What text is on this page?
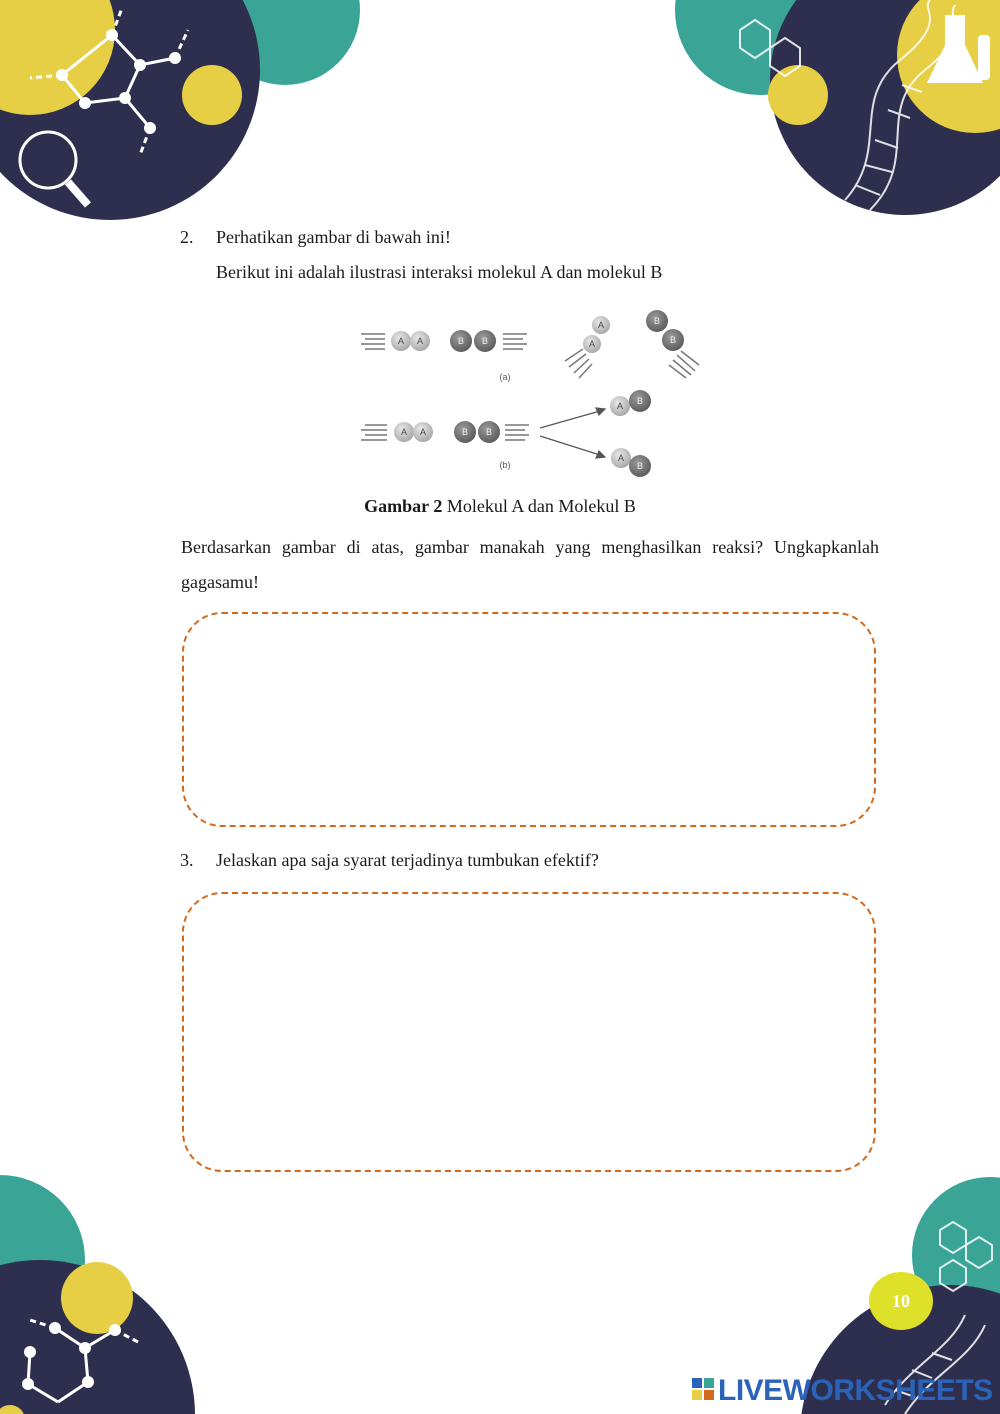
2. Perhatikan gambar di bawah ini!
Berikut ini adalah ilustrasi interaksi molekul A dan molekul B
A A	B B
(a)
A
A
B
B
A A	B B
(b)
A B
A
B
Gambar 2 Molekul A dan Molekul B
Berdasarkan gambar di atas, gambar manakah yang menghasilkan reaksi? Ungkapkanlah gagasamu!
3. Jelaskan apa saja syarat terjadinya tumbukan efektif?
10
LIVEWORKSHEETS
